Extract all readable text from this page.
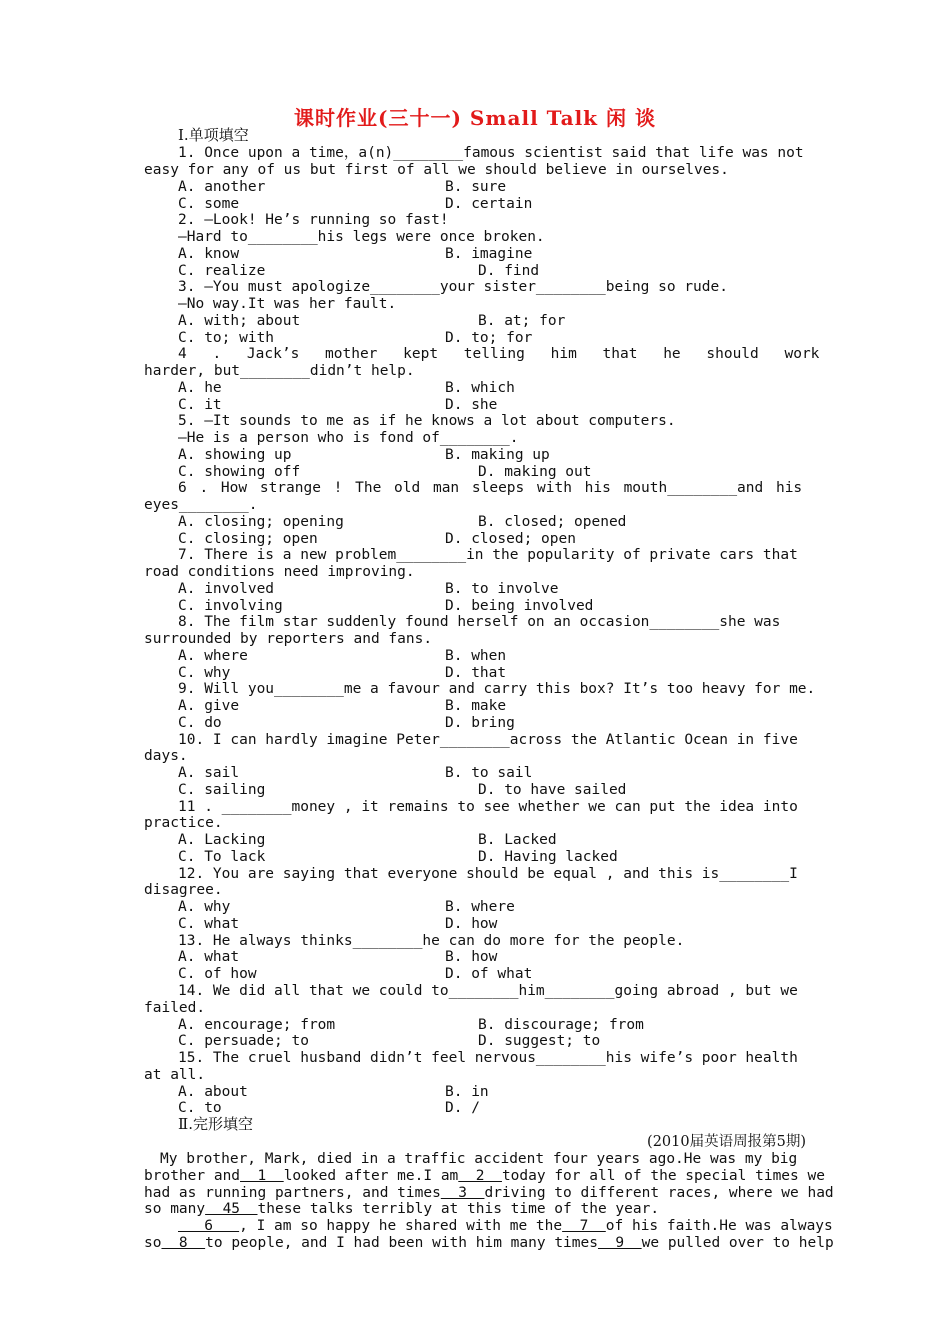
课时作业(三十一) Small Talk 闲 谈
Ⅰ.单项填空
1. Once upon a time，a(n)________famous scientist said that life was not
easy for any of us but first of all we should believe in ourselves.
A. another	B. sure
C. some	D. certain
2. —Look! He’s running so fast!
—Hard to________his legs were once broken.
A. know	B. imagine
C. realize	D. find
3. —You must apologize________your sister________being so rude.
—No way.It was her fault.
A. with; about	B. at; for
C. to; with	D. to; for
4 . Jack’s mother kept telling him that he should work
harder, but________didn’t help.
A. he	B. which
C. it	D. she
5. —It sounds to me as if he knows a lot about computers.
—He is a person who is fond of________.
A. showing up	B. making up
C. showing off	D. making out
6 . How strange ! The old man sleeps with his mouth________and his
eyes________.
A. closing; opening	B. closed; opened
C. closing; open	D. closed; open
7. There is a new problem________in the popularity of private cars that
road conditions need improving.
A. involved	B. to involve
C. involving	D. being involved
8. The film star suddenly found herself on an occasion________she was
surrounded by reporters and fans.
A. where	B. when
C. why	D. that
9. Will you________me a favour and carry this box? It’s too heavy for me.
A. give	B. make
C. do	D. bring
10. I can hardly imagine Peter________across the Atlantic Ocean in five
days.
A. sail	B. to sail
C. sailing	D. to have sailed
11 . ________money , it remains to see whether we can put the idea into
practice.
A. Lacking	B. Lacked
C. To lack	D. Having lacked
12. You are saying that everyone should be equal , and this is________I
disagree.
A. why	B. where
C. what	D. how
13. He always thinks________he can do more for the people.
A. what	B. how
C. of how	D. of what
14. We did all that we could to________him________going abroad , but we
failed.
A. encourage; from	B. discourage; from
C. persuade; to	D. suggest; to
15. The cruel husband didn’t feel nervous________his wife’s poor health
at all.
A. about	B. in
C. to	D. /
Ⅱ.完形填空
(2010届英语周报第5期)
My brother, Mark, died in a traffic accident four years ago.He was my big
brother and  1  looked after me.I am  2  today for all of the special times we
had as running partners, and times  3  driving to different races, where we had
so many  45  these talks terribly at this time of the year.
6   , I am so happy he shared with me the  7  of his faith.He was always
so  8  to people, and I had been with him many times  9  we pulled over to help
